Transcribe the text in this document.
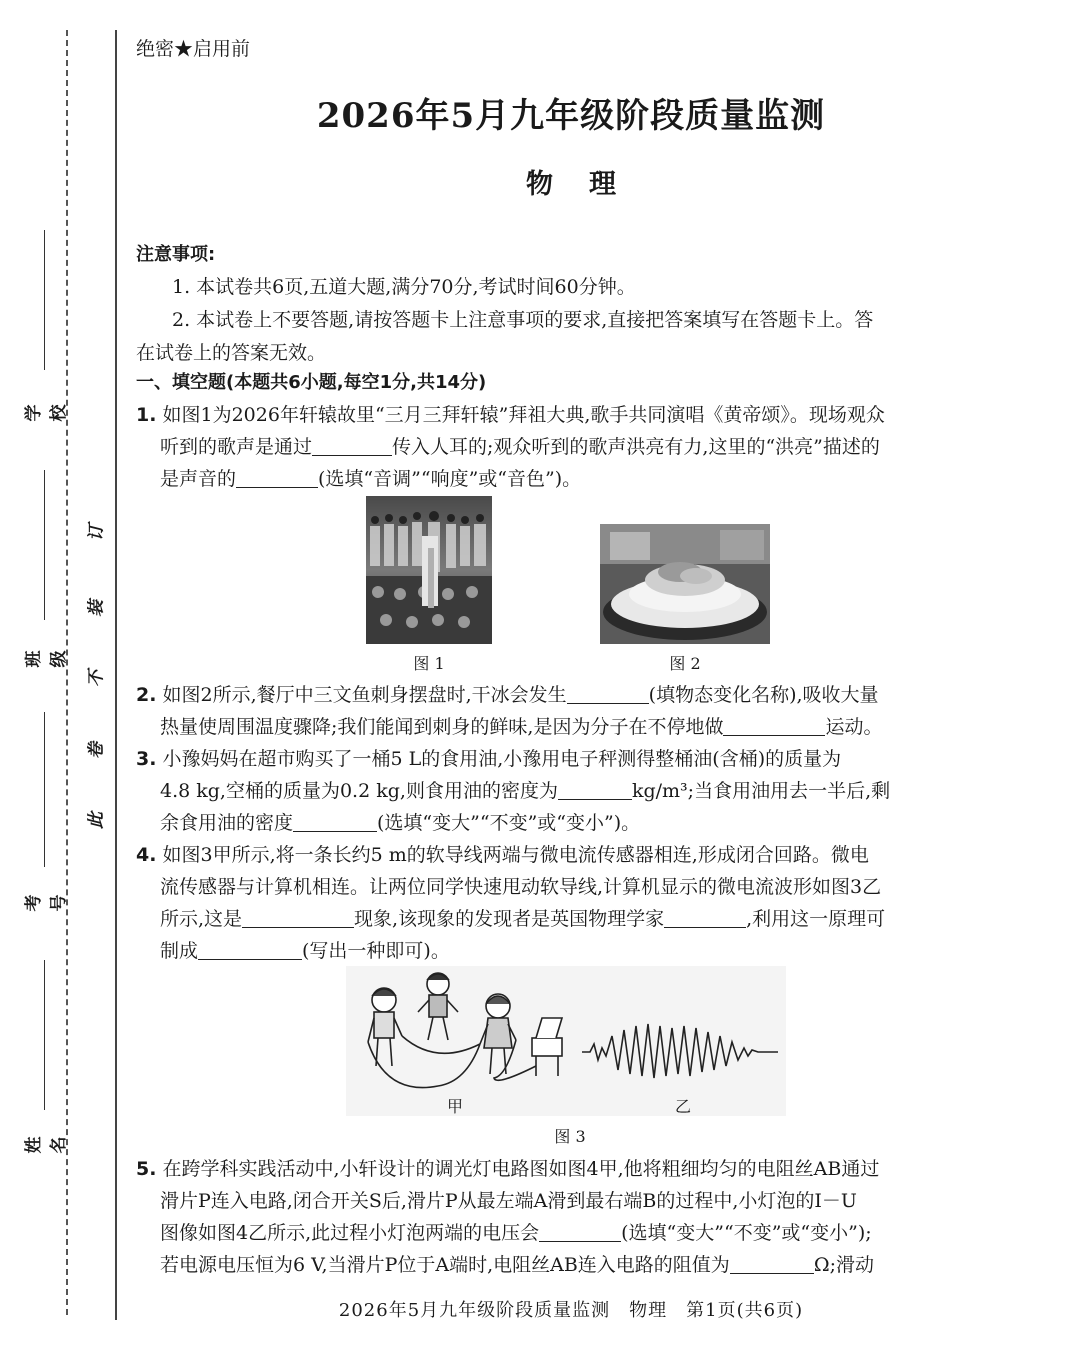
学校
班级
考号
姓名
订
装
不
卷
此
绝密★启用前
2026年5月九年级阶段质量监测
物理
注意事项:
1. 本试卷共6页,五道大题,满分70分,考试时间60分钟。
2. 本试卷上不要答题,请按答题卡上注意事项的要求,直接把答案填写在答题卡上。答
在试卷上的答案无效。
一、填空题(本题共6小题,每空1分,共14分)
1. 如图1为2026年轩辕故里“三月三拜轩辕”拜祖大典,歌手共同演唱《黄帝颂》。现场观众
听到的歌声是通过	传入人耳的;观众听到的歌声洪亮有力,这里的“洪亮”描述的
是声音的	(选填“音调”“响度”或“音色”)。
图 1	图 2
2. 如图2所示,餐厅中三文鱼刺身摆盘时,干冰会发生	(填物态变化名称),吸收大量
热量使周围温度骤降;我们能闻到刺身的鲜味,是因为分子在不停地做	运动。
3. 小豫妈妈在超市购买了一桶5 L的食用油,小豫用电子秤测得整桶油(含桶)的质量为
4.8 kg,空桶的质量为0.2 kg,则食用油的密度为	kg/m³;当食用油用去一半后,剩
余食用油的密度	(选填“变大”“不变”或“变小”)。
4. 如图3甲所示,将一条长约5 m的软导线两端与微电流传感器相连,形成闭合回路。微电
流传感器与计算机相连。让两位同学快速甩动软导线,计算机显示的微电流波形如图3乙
所示,这是	现象,该现象的发现者是英国物理学家	,利用这一原理可
制成	(写出一种即可)。
甲	乙
图 3
5. 在跨学科实践活动中,小轩设计的调光灯电路图如图4甲,他将粗细均匀的电阻丝AB通过
滑片P连入电路,闭合开关S后,滑片P从最左端A滑到最右端B的过程中,小灯泡的I－U
图像如图4乙所示,此过程小灯泡两端的电压会	(选填“变大”“不变”或“变小”);
若电源电压恒为6 V,当滑片P位于A端时,电阻丝AB连入电路的阻值为	Ω;滑动
2026年5月九年级阶段质量监测　物理　第1页(共6页)
